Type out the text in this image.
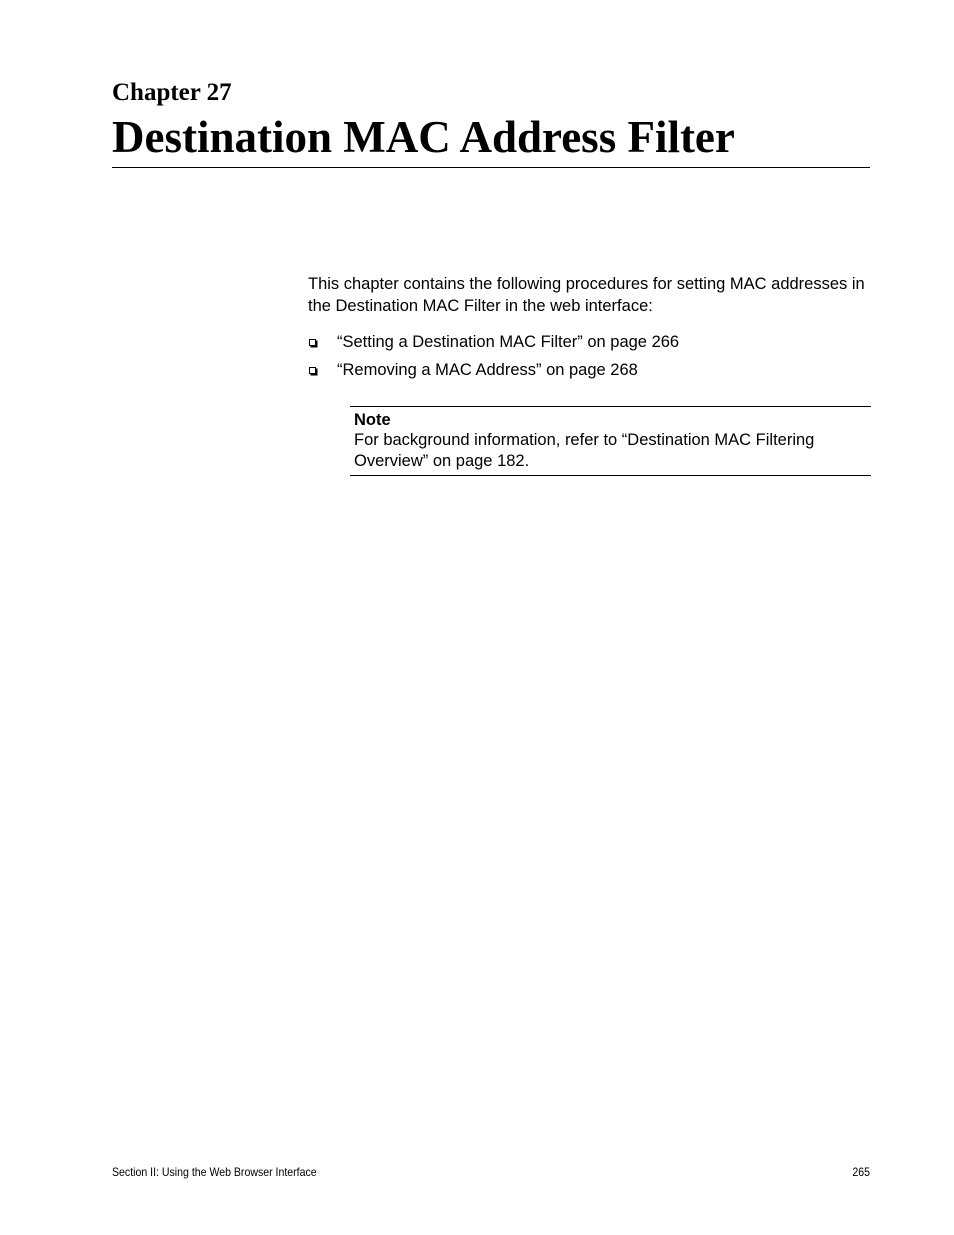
Chapter 27
Destination MAC Address Filter

This chapter contains the following procedures for setting MAC addresses in the Destination MAC Filter in the web interface:

“Setting a Destination MAC Filter” on page 266
“Removing a MAC Address” on page 268
Note
For background information, refer to “Destination MAC Filtering Overview” on page 182.
Section II: Using the Web Browser Interface	265
